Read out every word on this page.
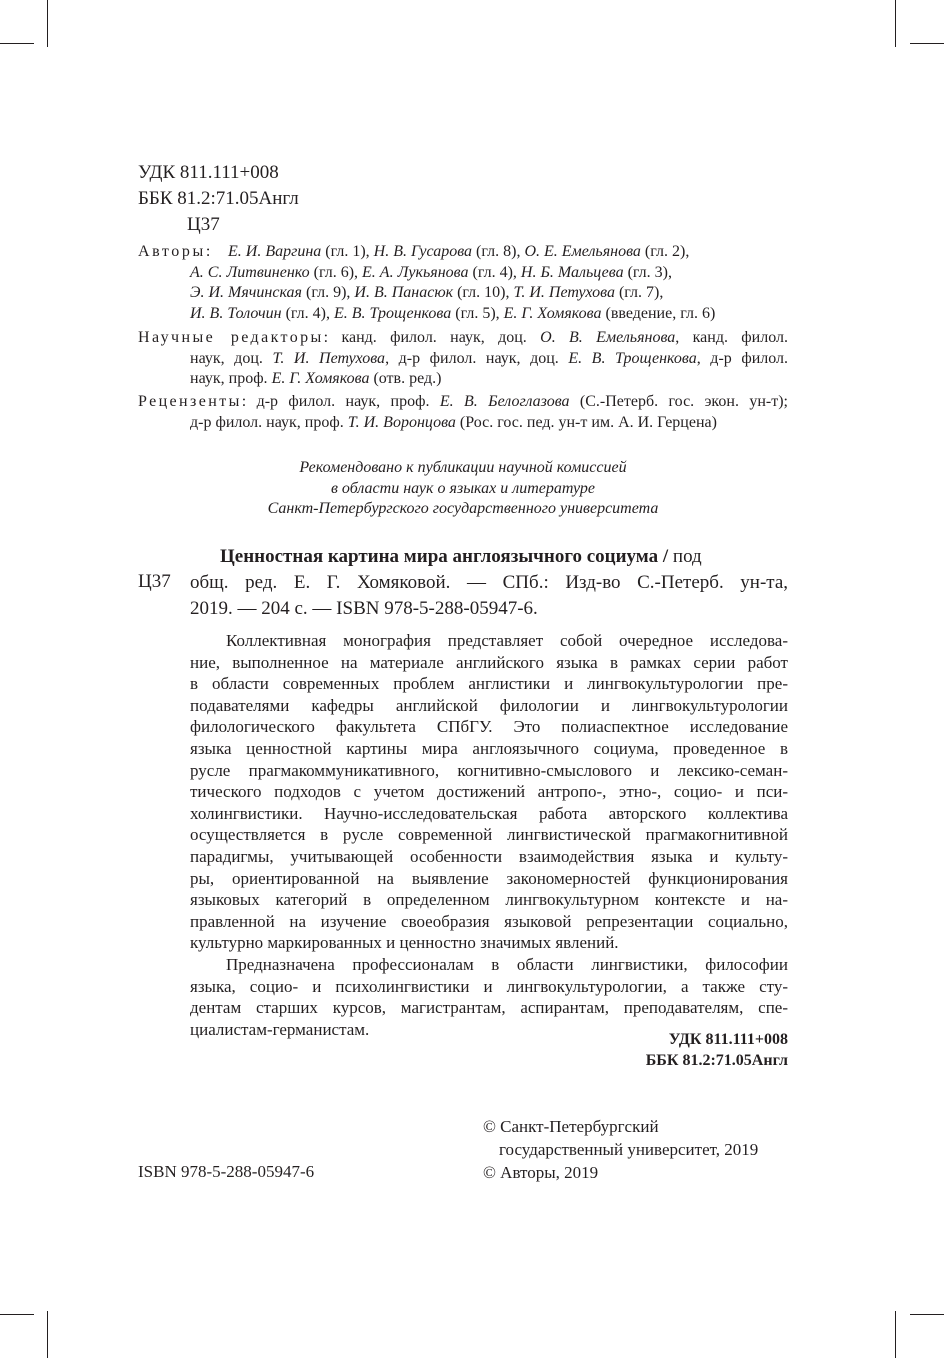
УДК 811.111+008
ББК 81.2:71.05Англ
Ц37
Авторы: Е. И. Варгина (гл. 1), Н. В. Гусарова (гл. 8), О. Е. Емельянова (гл. 2),
А. С. Литвиненко (гл. 6), Е. А. Лукьянова (гл. 4), Н. Б. Мальцева (гл. 3),
Э. И. Мячинская (гл. 9), И. В. Панасюк (гл. 10), Т. И. Петухова (гл. 7),
И. В. Толочин (гл. 4), Е. В. Трощенкова (гл. 5), Е. Г. Хомякова (введение, гл. 6)
Научные редакторы: канд. филол. наук, доц. О. В. Емельянова, канд. филол.
наук, доц. Т. И. Петухова, д-р филол. наук, доц. Е. В. Трощенкова, д-р филол.
наук, проф. Е. Г. Хомякова (отв. ред.)
Рецензенты: д-р филол. наук, проф. Е. В. Белоглазова (С.-Петерб. гос. экон. ун-т);
д-р филол. наук, проф. Т. И. Воронцова (Рос. гос. пед. ун-т им. А. И. Герцена)
Рекомендовано к публикации научной комиссией
в области наук о языках и литературе
Санкт-Петербургского государственного университета
Ц37
Ценностная картина мира англоязычного социума / под
общ. ред. Е. Г. Хомяковой. — СПб.: Изд-во С.-Петерб. ун-та,
2019. — 204 с. — ISBN 978-5-288-05947-6.
Коллективная монография представляет собой очередное исследова-
ние, выполненное на материале английского языка в рамках серии работ
в области современных проблем англистики и лингвокультурологии пре-
подавателями кафедры английской филологии и лингвокультурологии
филологического факультета СПбГУ. Это полиаспектное исследование
языка ценностной картины мира англоязычного социума, проведенное в
русле прагмакоммуникативного, когнитивно-смыслового и лексико-семан-
тического подходов с учетом достижений антропо-, этно-, социо- и пси-
холингвистики. Научно-исследовательская работа авторского коллектива
осуществляется в русле современной лингвистической прагмакогнитивной
парадигмы, учитывающей особенности взаимодействия языка и культу-
ры, ориентированной на выявление закономерностей функционирования
языковых категорий в определенном лингвокультурном контексте и на-
правленной на изучение своеобразия языковой репрезентации социально,
культурно маркированных и ценностно значимых явлений.
Предназначена профессионалам в области лингвистики, философии
языка, социо- и психолингвистики и лингвокультурологии, а также сту-
дентам старших курсов, магистрантам, аспирантам, преподавателям, спе-
циалистам-германистам.
УДК 811.111+008
ББК 81.2:71.05Англ
ISBN 978-5-288-05947-6
© Санкт-Петербургский
государственный университет, 2019
© Авторы, 2019
